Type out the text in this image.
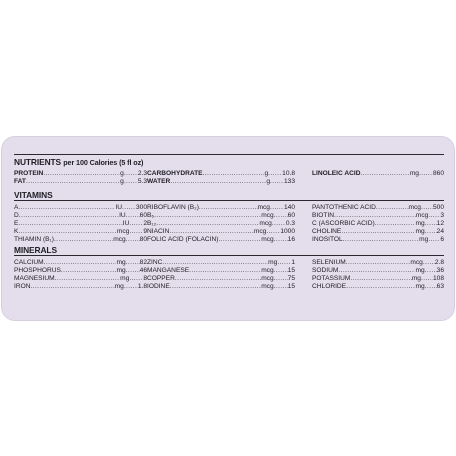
NUTRIENTS per 100 Calories (5 fl oz)
PROTEIN .....	g ..... 2.3
FAT .....	g ..... 5.3
CARBOHYDRATE .....	g ..... 10.8
WATER .....	g ..... 133
LINOLEIC ACID .....	mg ..... 860
VITAMINS
A .....	IU ..... 300
D .....	IU ..... 60
E .....	IU ..... 2
K .....	mcg ..... 9
THIAMIN (B₁) .....	mcg ..... 80
RIBOFLAVIN (B₂) .....	mcg ..... 140
B₆ .....	mcg ..... 60
B₁₂ .....	mcg ..... 0.3
NIACIN .....	mcg ..... 1000
FOLIC ACID (FOLACIN) .....	mcg ..... 16
PANTOTHENIC ACID .....	mcg ..... 500
BIOTIN .....	mcg ..... 3
C (ASCORBIC ACID) .....	mg ..... 12
CHOLINE .....	mg ..... 24
INOSITOL .....	mg ..... 6
MINERALS
CALCIUM .....	mg ..... 82
PHOSPHORUS .....	mg ..... 46
MAGNESIUM .....	mg ..... 8
IRON .....	mg ..... 1.8
ZINC .....	mg ..... 1
MANGANESE .....	mcg ..... 15
COPPER .....	mcg ..... 75
IODINE .....	mcg ..... 15
SELENIUM .....	mcg ..... 2.8
SODIUM .....	mg ..... 36
POTASSIUM .....	mg ..... 108
CHLORIDE .....	mg ..... 63
